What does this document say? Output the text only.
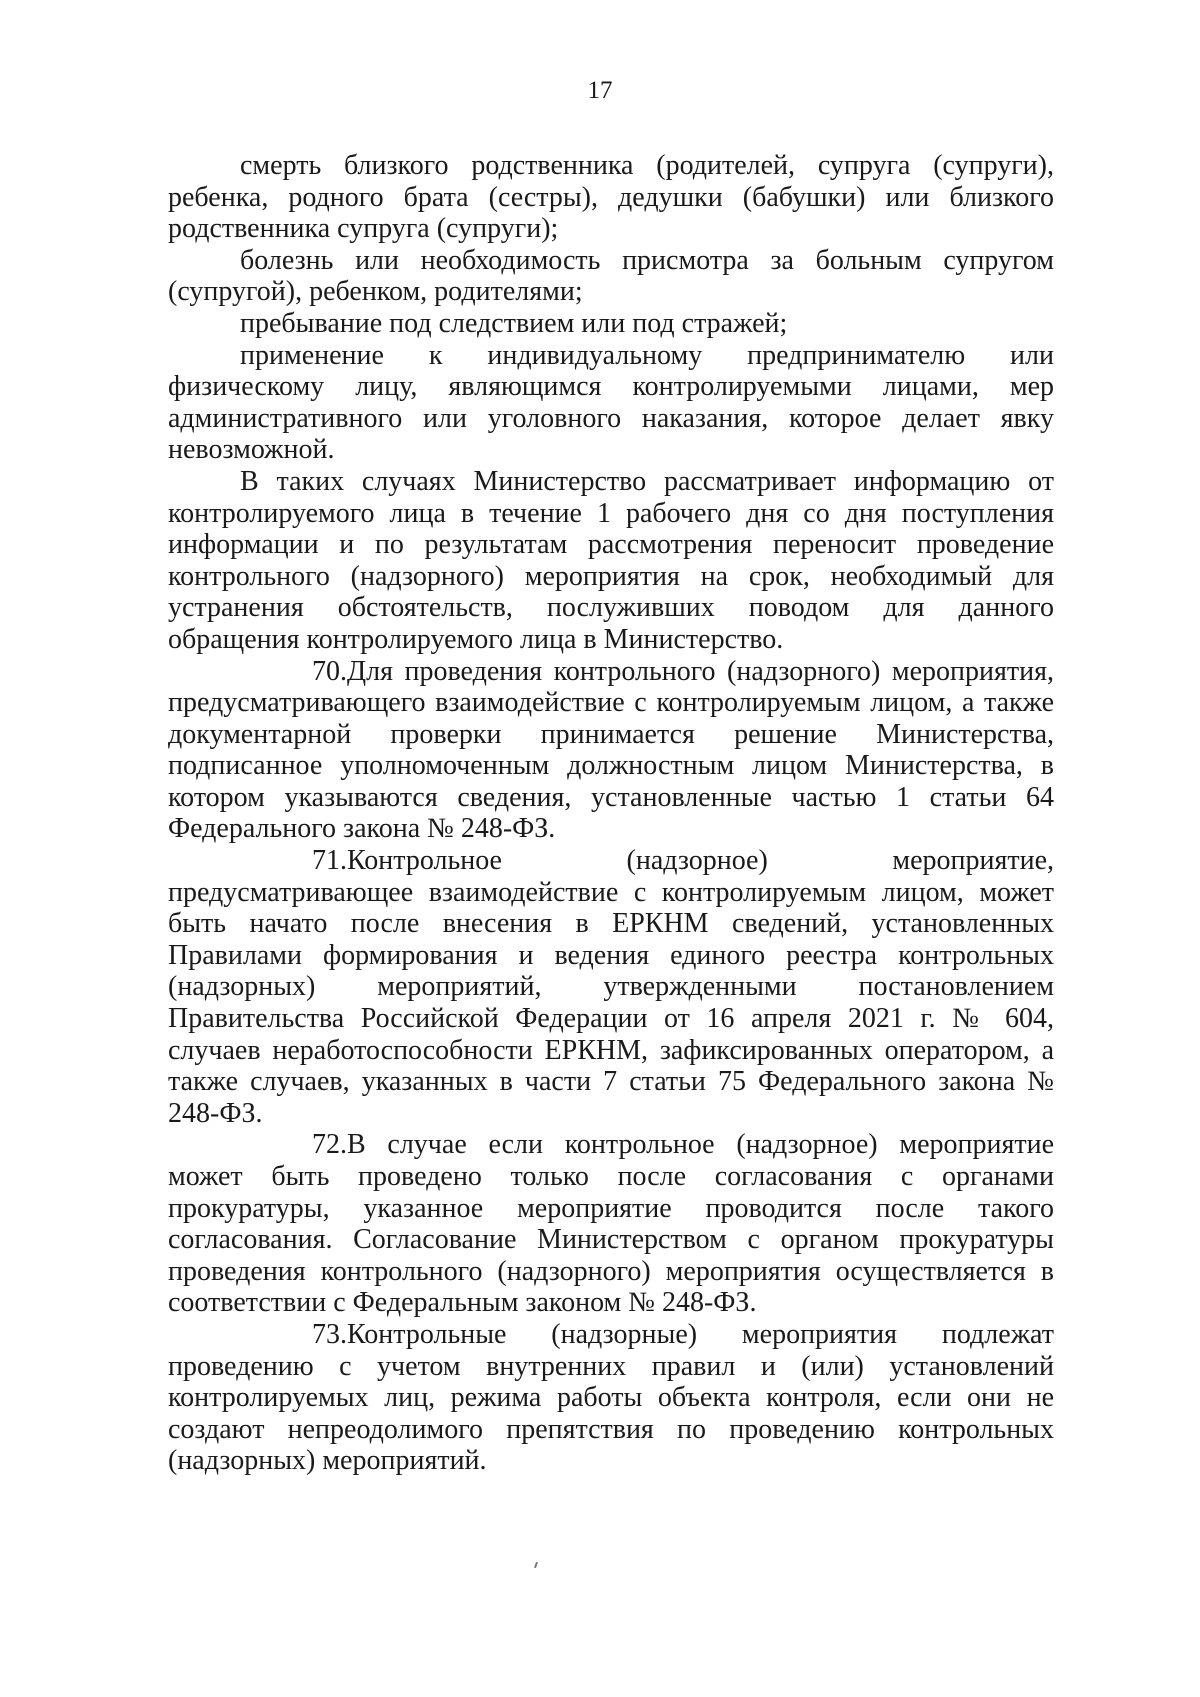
17

смерть близкого родственника (родителей, супруга (супруги), ребенка, родного брата (сестры), дедушки (бабушки) или близкого родственника супруга (супруги);

болезнь или необходимость присмотра за больным супругом (супругой), ребенком, родителями;

пребывание под следствием или под стражей;

применение к индивидуальному предпринимателю или физическому лицу, являющимся контролируемыми лицами, мер административного или уголовного наказания, которое делает явку невозможной.

В таких случаях Министерство рассматривает информацию от контролируемого лица в течение 1 рабочего дня со дня поступления информации и по результатам рассмотрения переносит проведение контрольного (надзорного) мероприятия на срок, необходимый для устранения обстоятельств, послуживших поводом для данного обращения контролируемого лица в Министерство.

70.Для проведения контрольного (надзорного) мероприятия, предусматривающего взаимодействие с контролируемым лицом, а также документарной проверки принимается решение Министерства, подписанное уполномоченным должностным лицом Министерства, в котором указываются сведения, установленные частью 1 статьи 64 Федерального закона № 248-ФЗ.

71.Контрольное (надзорное) мероприятие, предусматривающее взаимодействие с контролируемым лицом, может быть начато после внесения в ЕРКНМ сведений, установленных Правилами формирования и ведения единого реестра контрольных (надзорных) мероприятий, утвержденными постановлением Правительства Российской Федерации от 16 апреля 2021 г. № 604, случаев неработоспособности ЕРКНМ, зафиксированных оператором, а также случаев, указанных в части 7 статьи 75 Федерального закона № 248-ФЗ.

72.В случае если контрольное (надзорное) мероприятие может быть проведено только после согласования с органами прокуратуры, указанное мероприятие проводится после такого согласования. Согласование Министерством с органом прокуратуры проведения контрольного (надзорного) мероприятия осуществляется в соответствии с Федеральным законом № 248-ФЗ.

73.Контрольные (надзорные) мероприятия подлежат проведению с учетом внутренних правил и (или) установлений контролируемых лиц, режима работы объекта контроля, если они не создают непреодолимого препятствия по проведению контрольных (надзорных) мероприятий.
